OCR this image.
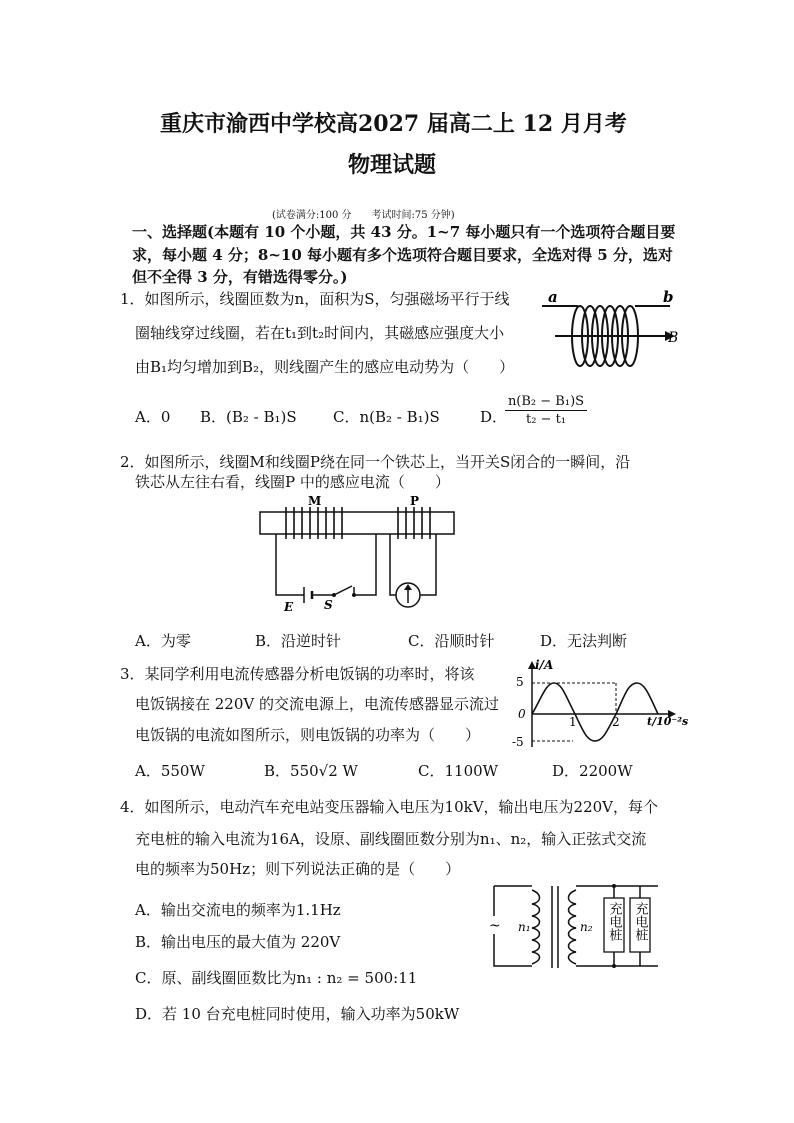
重庆市渝西中学校高2027 届高二上 12 月月考
物理试题
(试卷满分:100 分　　考试时间:75 分钟)
一、选择题(本题有 10 个小题，共 43 分。1~7 每小题只有一个选项符合题目要
求，每小题 4 分；8~10 每小题有多个选项符合题目要求，全选对得 5 分，选对
但不全得 3 分，有错选得零分。)
1．如图所示，线圈匝数为n，面积为S，匀强磁场平行于线
圈轴线穿过线圈，若在t₁到t₂时间内，其磁感应强度大小
由B₁均匀增加到B₂，则线圈产生的感应电动势为（　　）
A．0 B．(B₂ - B₁)S C．n(B₂ - B₁)S	D．
$\frac{\text{n(B₂ − B₁)S}}{\text{t₂ − t₁}}$
a	b
B
2．如图所示，线圈M和线圈P绕在同一个铁芯上，当开关S闭合的一瞬间，沿
铁芯从左往右看，线圈P 中的感应电流（　　）
M	P
E	S
A．为零	B．沿逆时针	C．沿顺时针	D．无法判断
3．某同学利用电流传感器分析电饭锅的功率时，将该
电饭锅接在 220V 的交流电源上，电流传感器显示流过
电饭锅的电流如图所示，则电饭锅的功率为（　　）
A．550W	B．550√2 W	C．1100W	D．2200W
i/A
t/10⁻²s
5
0
-5
1	2
4．如图所示，电动汽车充电站变压器输入电压为10kV，输出电压为220V，每个
充电桩的输入电流为16A，设原、副线圈匝数分别为n₁、n₂，输入正弦式交流
电的频率为50Hz；则下列说法正确的是（　　）
A．输出交流电的频率为1.1Hz
B．输出电压的最大值为 220V
C．原、副线圈匝数比为n₁ : n₂ = 500:11
D．若 10 台充电桩同时使用，输入功率为50kW
~ n₁	n₂ 充电桩 充电桩
